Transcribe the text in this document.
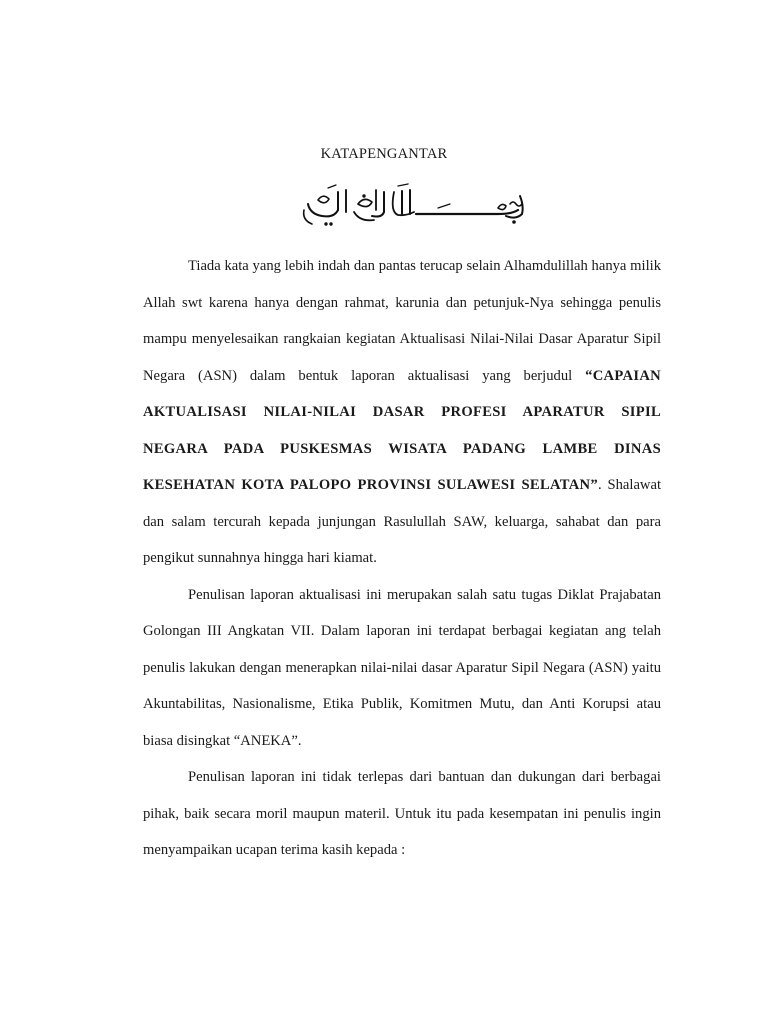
KATAPENGANTAR

Tiada kata yang lebih indah dan pantas terucap selain Alhamdulillah hanya milik Allah swt karena hanya dengan rahmat, karunia dan petunjuk-Nya sehingga penulis mampu menyelesaikan rangkaian kegiatan Aktualisasi Nilai-Nilai Dasar Aparatur Sipil Negara (ASN) dalam bentuk laporan aktualisasi yang berjudul “CAPAIAN AKTUALISASI NILAI-NILAI DASAR PROFESI APARATUR SIPIL NEGARA PADA PUSKESMAS WISATA PADANG LAMBE DINAS KESEHATAN KOTA PALOPO PROVINSI SULAWESI SELATAN”. Shalawat dan salam tercurah kepada junjungan Rasulullah SAW, keluarga, sahabat dan para pengikut sunnahnya hingga hari kiamat.

Penulisan laporan aktualisasi ini merupakan salah satu tugas Diklat Prajabatan Golongan III Angkatan VII. Dalam laporan ini terdapat berbagai kegiatan ang telah penulis lakukan dengan menerapkan nilai-nilai dasar Aparatur Sipil Negara (ASN) yaitu Akuntabilitas, Nasionalisme, Etika Publik, Komitmen Mutu, dan Anti Korupsi atau biasa disingkat “ANEKA”.

Penulisan laporan ini tidak terlepas dari bantuan dan dukungan dari berbagai pihak, baik secara moril maupun materil. Untuk itu pada kesempatan ini penulis ingin menyampaikan ucapan terima kasih kepada :
